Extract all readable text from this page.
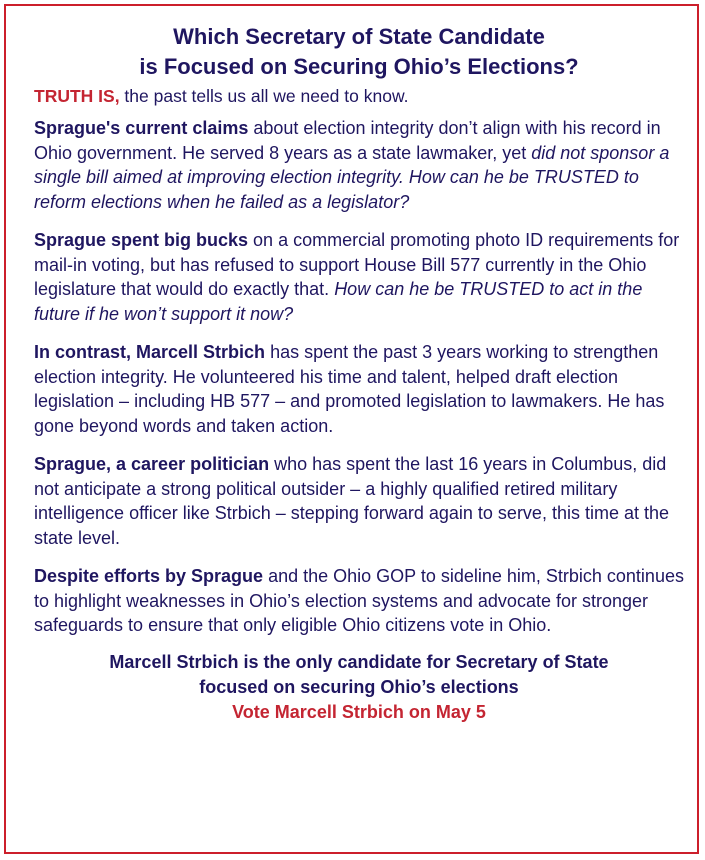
Which Secretary of State Candidate
is Focused on Securing Ohio’s Elections?

TRUTH IS, the past tells us all we need to know.

Sprague's current claims about election integrity don’t align with his record in Ohio government. He served 8 years as a state lawmaker, yet did not sponsor a single bill aimed at improving election integrity. How can he be TRUSTED to reform elections when he failed as a legislator?

Sprague spent big bucks on a commercial promoting photo ID requirements for mail-in voting, but has refused to support House Bill 577 currently in the Ohio legislature that would do exactly that. How can he be TRUSTED to act in the future if he won’t support it now?

In contrast, Marcell Strbich has spent the past 3 years working to strengthen election integrity. He volunteered his time and talent, helped draft election legislation – including HB 577 – and promoted legislation to lawmakers. He has gone beyond words and taken action.

Sprague, a career politician who has spent the last 16 years in Columbus, did not anticipate a strong political outsider – a highly qualified retired military intelligence officer like Strbich – stepping forward again to serve, this time at the state level.

Despite efforts by Sprague and the Ohio GOP to sideline him, Strbich continues to highlight weaknesses in Ohio’s election systems and advocate for stronger safeguards to ensure that only eligible Ohio citizens vote in Ohio.

Marcell Strbich is the only candidate for Secretary of State
focused on securing Ohio’s elections
Vote Marcell Strbich on May 5
